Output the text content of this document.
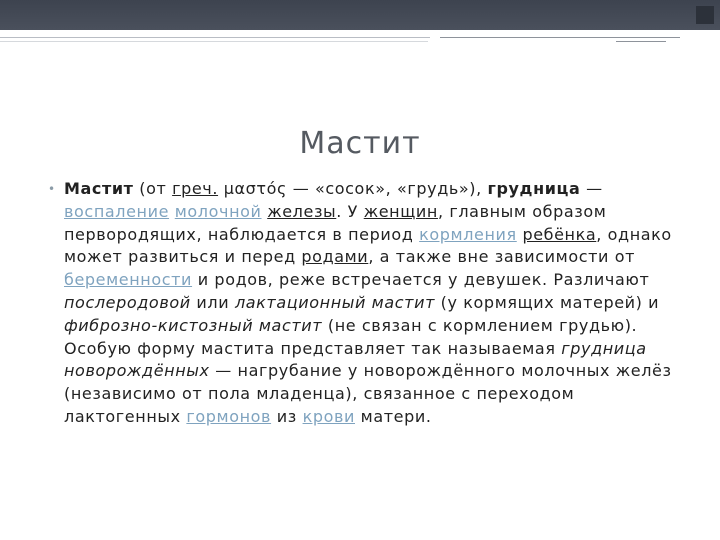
Мастит
• Мастит (от греч. μαστός — «сосок», «грудь»), грудница — воспаление молочной железы. У женщин, главным образом первородящих, наблюдается в период кормления ребёнка, однако может развиться и перед родами, а также вне зависимости от беременности и родов, реже встречается у девушек. Различают послеродовой или лактационный мастит (у кормящих матерей) и фиброзно-кистозный мастит (не связан с кормлением грудью). Особую форму мастита представляет так называемая грудница новорождённых — нагрубание у новорождённого молочных желёз (независимо от пола младенца), связанное с переходом лактогенных гормонов из крови матери.
